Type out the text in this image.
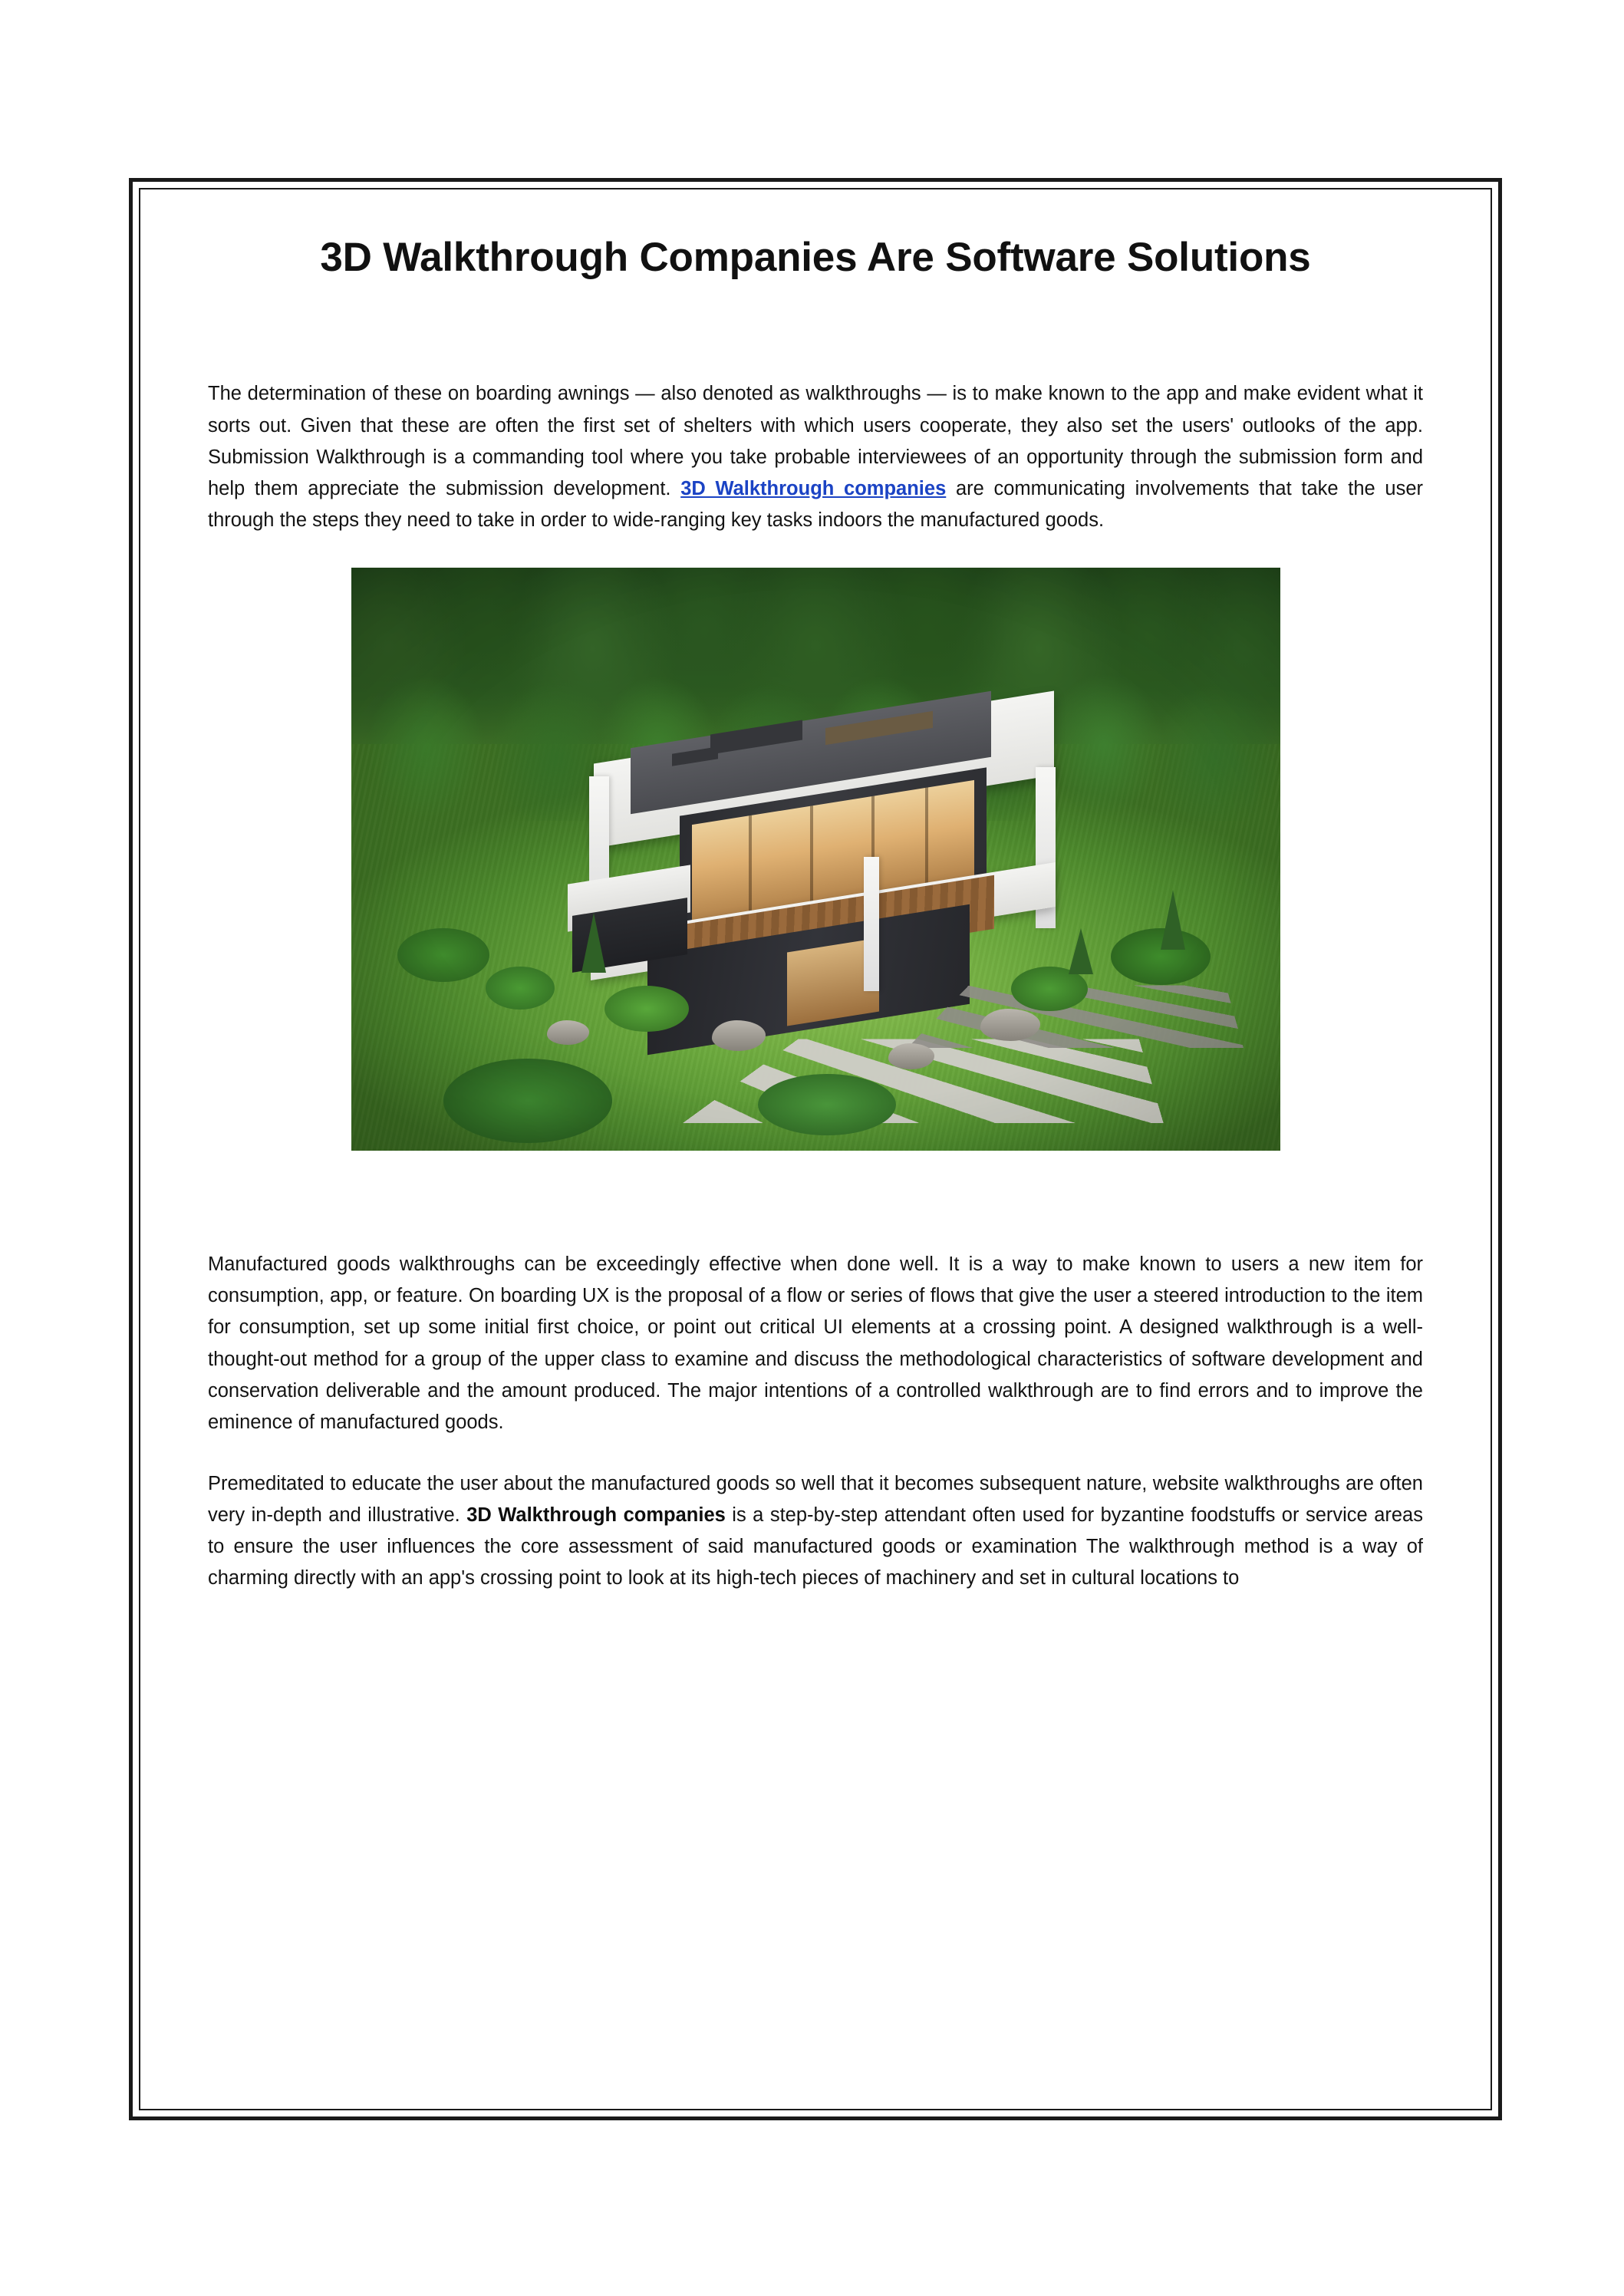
3D Walkthrough Companies Are Software Solutions

The determination of these on boarding awnings — also denoted as walkthroughs — is to make known to the app and make evident what it sorts out. Given that these are often the first set of shelters with which users cooperate, they also set the users' outlooks of the app. Submission Walkthrough is a commanding tool where you take probable interviewees of an opportunity through the submission form and help them appreciate the submission development. 3D Walkthrough companies are communicating involvements that take the user through the steps they need to take in order to wide-ranging key tasks indoors the manufactured goods.

Manufactured goods walkthroughs can be exceedingly effective when done well. It is a way to make known to users a new item for consumption, app, or feature. On boarding UX is the proposal of a flow or series of flows that give the user a steered introduction to the item for consumption, set up some initial first choice, or point out critical UI elements at a crossing point. A designed walkthrough is a well-thought-out method for a group of the upper class to examine and discuss the methodological characteristics of software development and conservation deliverable and the amount produced. The major intentions of a controlled walkthrough are to find errors and to improve the eminence of manufactured goods.

Premeditated to educate the user about the manufactured goods so well that it becomes subsequent nature, website walkthroughs are often very in-depth and illustrative. 3D Walkthrough companies is a step-by-step attendant often used for byzantine foodstuffs or service areas to ensure the user influences the core assessment of said manufactured goods or examination The walkthrough method is a way of charming directly with an app's crossing point to look at its high-tech pieces of machinery and set in cultural locations to
